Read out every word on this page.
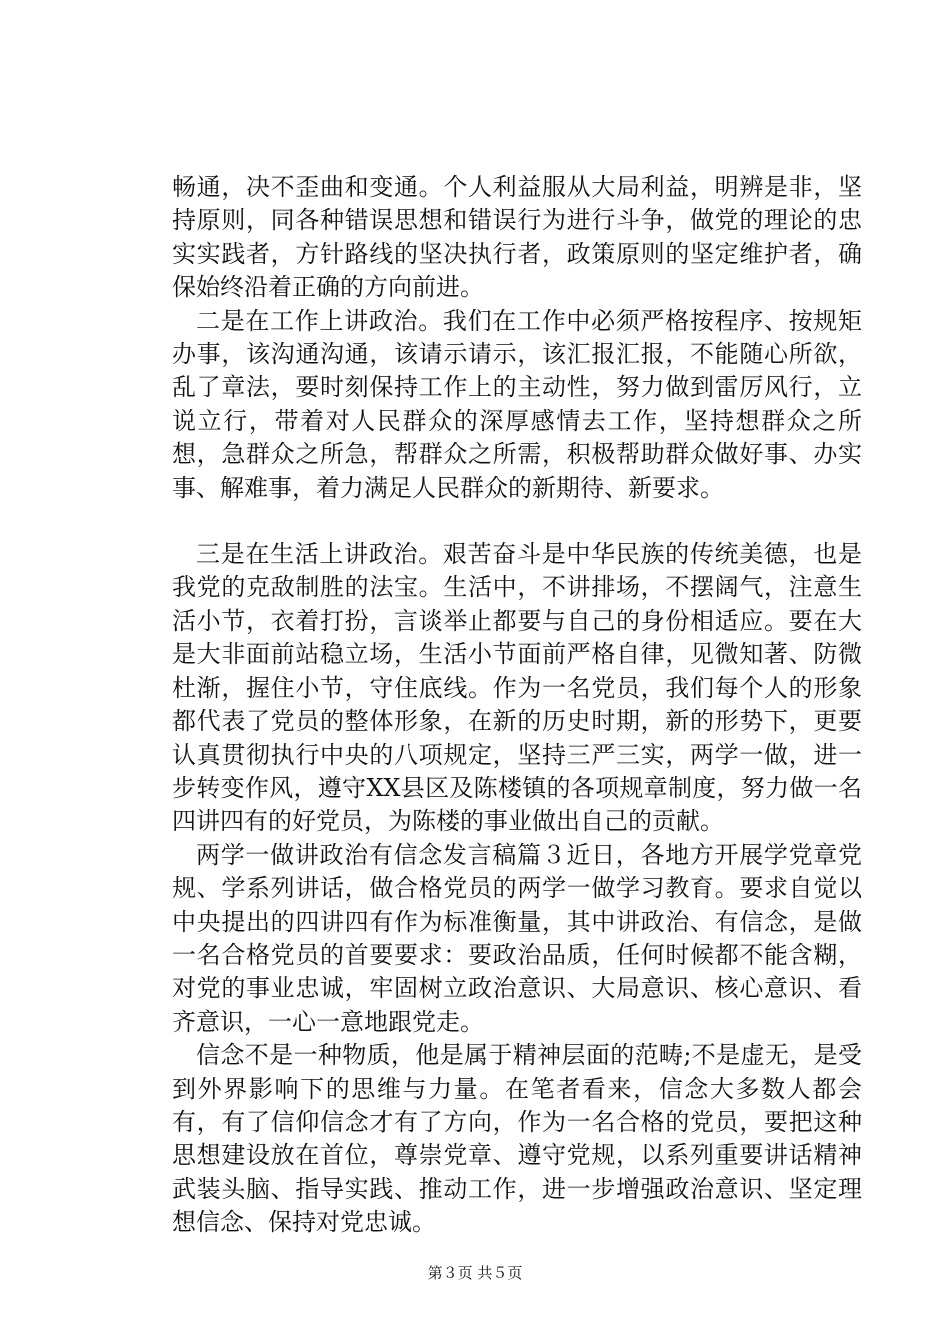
畅通，决不歪曲和变通。个人利益服从大局利益，明辨是非，坚持原则，同各种错误思想和错误行为进行斗争，做党的理论的忠实实践者，方针路线的坚决执行者，政策原则的坚定维护者，确保始终沿着正确的方向前进。

二是在工作上讲政治。我们在工作中必须严格按程序、按规矩办事，该沟通沟通，该请示请示，该汇报汇报，不能随心所欲，乱了章法，要时刻保持工作上的主动性，努力做到雷厉风行，立说立行，带着对人民群众的深厚感情去工作，坚持想群众之所想，急群众之所急，帮群众之所需，积极帮助群众做好事、办实事、解难事，着力满足人民群众的新期待、新要求。

三是在生活上讲政治。艰苦奋斗是中华民族的传统美德，也是我党的克敌制胜的法宝。生活中，不讲排场，不摆阔气，注意生活小节，衣着打扮，言谈举止都要与自己的身份相适应。要在大是大非面前站稳立场，生活小节面前严格自律，见微知著、防微杜渐，握住小节，守住底线。作为一名党员，我们每个人的形象都代表了党员的整体形象，在新的历史时期，新的形势下，更要认真贯彻执行中央的八项规定，坚持三严三实，两学一做，进一步转变作风，遵守XX县区及陈楼镇的各项规章制度，努力做一名四讲四有的好党员，为陈楼的事业做出自己的贡献。

两学一做讲政治有信念发言稿篇３近日，各地方开展学党章党规、学系列讲话，做合格党员的两学一做学习教育。要求自觉以中央提出的四讲四有作为标准衡量，其中讲政治、有信念，是做一名合格党员的首要要求：要政治品质，任何时候都不能含糊，对党的事业忠诚，牢固树立政治意识、大局意识、核心意识、看齐意识，一心一意地跟党走。

信念不是一种物质，他是属于精神层面的范畴;不是虚无，是受到外界影响下的思维与力量。在笔者看来，信念大多数人都会有，有了信仰信念才有了方向，作为一名合格的党员，要把这种思想建设放在首位，尊崇党章、遵守党规，以系列重要讲话精神武装头脑、指导实践、推动工作，进一步增强政治意识、坚定理想信念、保持对党忠诚。

第３页 共５页
